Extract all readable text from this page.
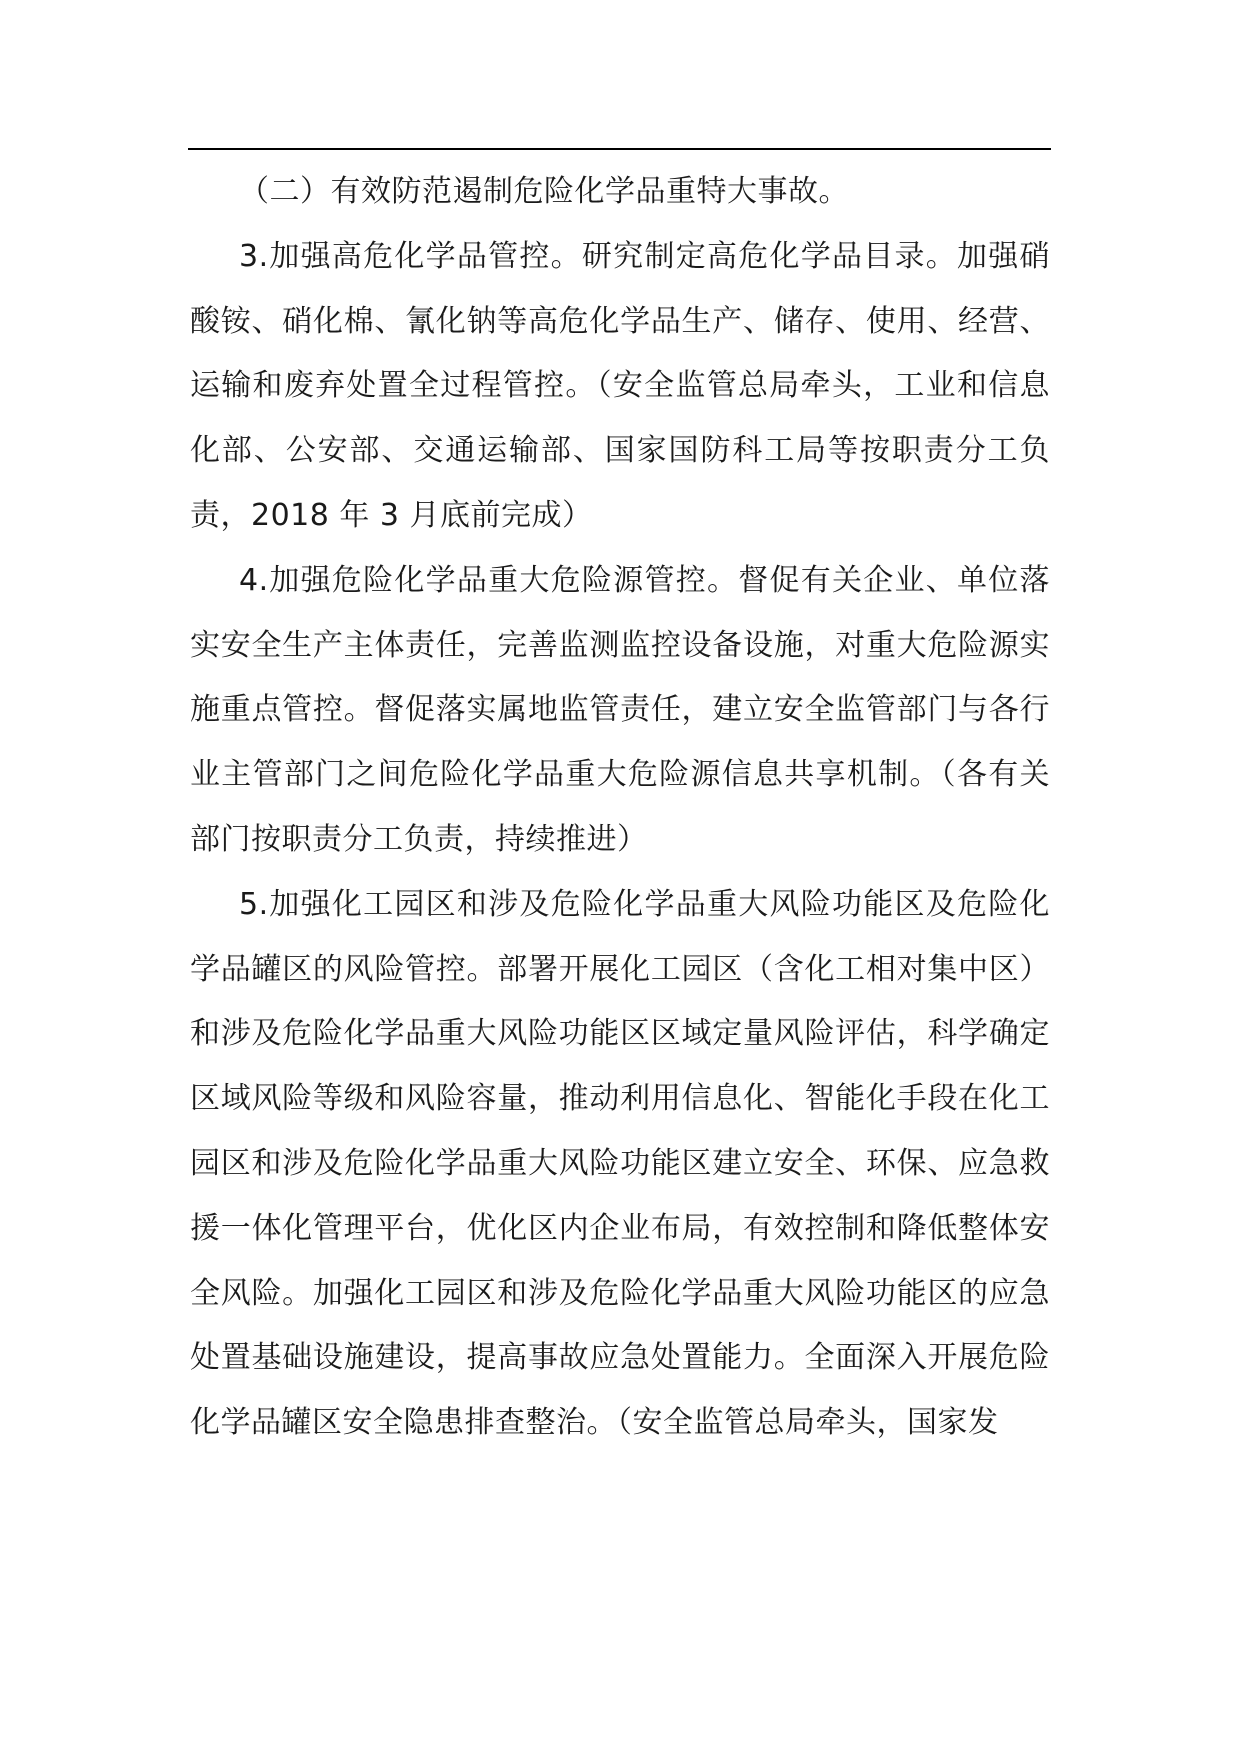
（二）有效防范遏制危险化学品重特大事故。

3.加强高危化学品管控。研究制定高危化学品目录。加强硝酸铵、硝化棉、氰化钠等高危化学品生产、储存、使用、经营、运输和废弃处置全过程管控。（安全监管总局牵头，工业和信息化部、公安部、交通运输部、国家国防科工局等按职责分工负责，2018 年 3 月底前完成）

4.加强危险化学品重大危险源管控。督促有关企业、单位落实安全生产主体责任，完善监测监控设备设施，对重大危险源实施重点管控。督促落实属地监管责任，建立安全监管部门与各行业主管部门之间危险化学品重大危险源信息共享机制。（各有关部门按职责分工负责，持续推进）

5.加强化工园区和涉及危险化学品重大风险功能区及危险化学品罐区的风险管控。部署开展化工园区（含化工相对集中区）和涉及危险化学品重大风险功能区区域定量风险评估，科学确定区域风险等级和风险容量，推动利用信息化、智能化手段在化工园区和涉及危险化学品重大风险功能区建立安全、环保、应急救援一体化管理平台，优化区内企业布局，有效控制和降低整体安全风险。加强化工园区和涉及危险化学品重大风险功能区的应急处置基础设施建设，提高事故应急处置能力。全面深入开展危险化学品罐区安全隐患排查整治。（安全监管总局牵头，国家发
